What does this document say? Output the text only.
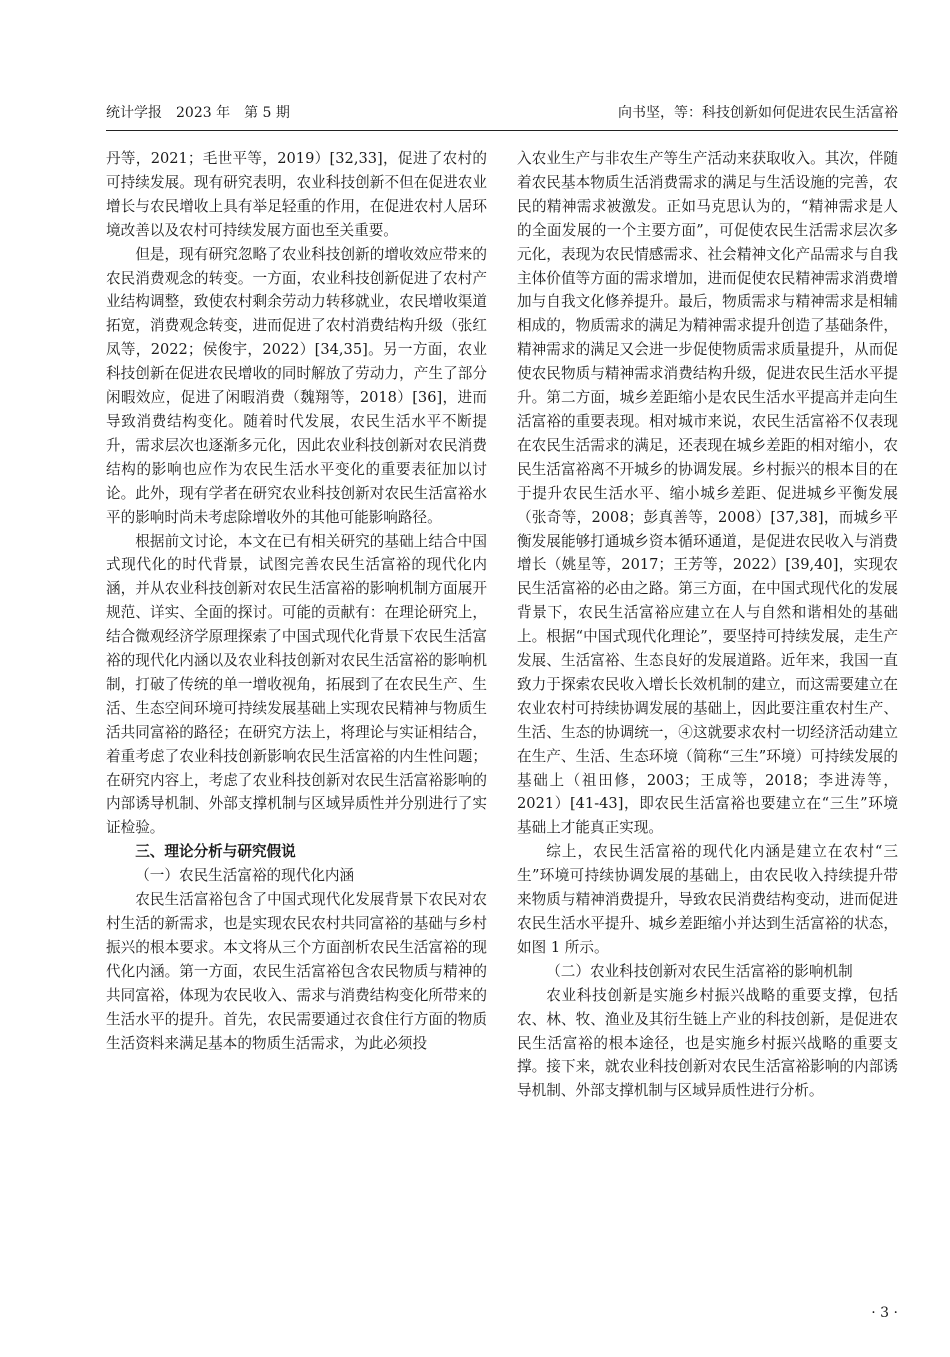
统计学报　2023 年　第 5 期	向书坚，等：科技创新如何促进农民生活富裕

丹等，2021；毛世平等，2019）[32,33]，促进了农村的可持续发展。现有研究表明，农业科技创新不但在促进农业增长与农民增收上具有举足轻重的作用，在促进农村人居环境改善以及农村可持续发展方面也至关重要。

但是，现有研究忽略了农业科技创新的增收效应带来的农民消费观念的转变。一方面，农业科技创新促进了农村产业结构调整，致使农村剩余劳动力转移就业，农民增收渠道拓宽，消费观念转变，进而促进了农村消费结构升级（张红凤等，2022；侯俊宇，2022）[34,35]。另一方面，农业科技创新在促进农民增收的同时解放了劳动力，产生了部分闲暇效应，促进了闲暇消费（魏翔等，2018）[36]，进而导致消费结构变化。随着时代发展，农民生活水平不断提升，需求层次也逐渐多元化，因此农业科技创新对农民消费结构的影响也应作为农民生活水平变化的重要表征加以讨论。此外，现有学者在研究农业科技创新对农民生活富裕水平的影响时尚未考虑除增收外的其他可能影响路径。

根据前文讨论，本文在已有相关研究的基础上结合中国式现代化的时代背景，试图完善农民生活富裕的现代化内涵，并从农业科技创新对农民生活富裕的影响机制方面展开规范、详实、全面的探讨。可能的贡献有：在理论研究上，结合微观经济学原理探索了中国式现代化背景下农民生活富裕的现代化内涵以及农业科技创新对农民生活富裕的影响机制，打破了传统的单一增收视角，拓展到了在农民生产、生活、生态空间环境可持续发展基础上实现农民精神与物质生活共同富裕的路径；在研究方法上，将理论与实证相结合，着重考虑了农业科技创新影响农民生活富裕的内生性问题；在研究内容上，考虑了农业科技创新对农民生活富裕影响的内部诱导机制、外部支撑机制与区域异质性并分别进行了实证检验。

三、理论分析与研究假说
（一）农民生活富裕的现代化内涵

农民生活富裕包含了中国式现代化发展背景下农民对农村生活的新需求，也是实现农民农村共同富裕的基础与乡村振兴的根本要求。本文将从三个方面剖析农民生活富裕的现代化内涵。第一方面，农民生活富裕包含农民物质与精神的共同富裕，体现为农民收入、需求与消费结构变化所带来的生活水平的提升。首先，农民需要通过衣食住行方面的物质生活资料来满足基本的物质生活需求，为此必须投

入农业生产与非农生产等生产活动来获取收入。其次，伴随着农民基本物质生活消费需求的满足与生活设施的完善，农民的精神需求被激发。正如马克思认为的，“精神需求是人的全面发展的一个主要方面”，可促使农民生活需求层次多元化，表现为农民情感需求、社会精神文化产品需求与自我主体价值等方面的需求增加，进而促使农民精神需求消费增加与自我文化修养提升。最后，物质需求与精神需求是相辅相成的，物质需求的满足为精神需求提升创造了基础条件，精神需求的满足又会进一步促使物质需求质量提升，从而促使农民物质与精神需求消费结构升级，促进农民生活水平提升。第二方面，城乡差距缩小是农民生活水平提高并走向生活富裕的重要表现。相对城市来说，农民生活富裕不仅表现在农民生活需求的满足，还表现在城乡差距的相对缩小，农民生活富裕离不开城乡的协调发展。乡村振兴的根本目的在于提升农民生活水平、缩小城乡差距、促进城乡平衡发展（张奇等，2008；彭真善等，2008）[37,38]，而城乡平衡发展能够打通城乡资本循环通道，是促进农民收入与消费增长（姚星等，2017；王芳等，2022）[39,40]，实现农民生活富裕的必由之路。第三方面，在中国式现代化的发展背景下，农民生活富裕应建立在人与自然和谐相处的基础上。根据“中国式现代化理论”，要坚持可持续发展，走生产发展、生活富裕、生态良好的发展道路。近年来，我国一直致力于探索农民收入增长长效机制的建立，而这需要建立在农业农村可持续协调发展的基础上，因此要注重农村生产、生活、生态的协调统一，④这就要求农村一切经济活动建立在生产、生活、生态环境（简称“三生”环境）可持续发展的基础上（祖田修，2003；王成等，2018；李进涛等，2021）[41-43]，即农民生活富裕也要建立在“三生”环境基础上才能真正实现。

综上，农民生活富裕的现代化内涵是建立在农村“三生”环境可持续协调发展的基础上，由农民收入持续提升带来物质与精神消费提升，导致农民消费结构变动，进而促进农民生活水平提升、城乡差距缩小并达到生活富裕的状态，如图 1 所示。

（二）农业科技创新对农民生活富裕的影响机制

农业科技创新是实施乡村振兴战略的重要支撑，包括农、林、牧、渔业及其衍生链上产业的科技创新，是促进农民生活富裕的根本途径，也是实施乡村振兴战略的重要支撑。接下来，就农业科技创新对农民生活富裕影响的内部诱导机制、外部支撑机制与区域异质性进行分析。

· 3 ·
